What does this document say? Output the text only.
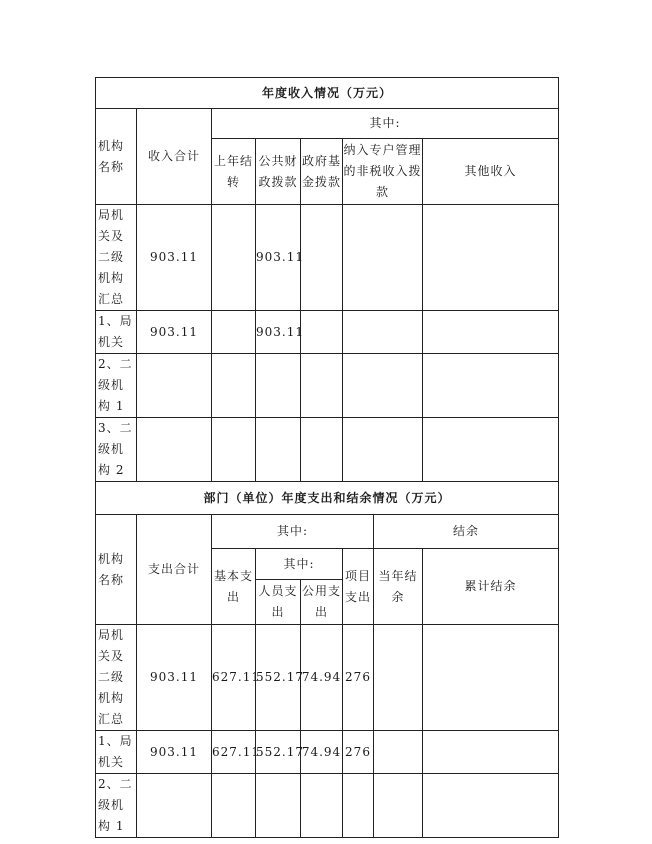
年度收入情况（万元）							
机构名称	收入合计	其中:					
		上年结转	公共财政拨款	政府基金拨款	纳入专户管理的非税收入拨款		其他收入
局机关及二级机构汇总	903.11		903.11				
1、局机关	903.11		903.11				
2、二级机构 1							
3、二级机构 2							
部门（单位）年度支出和结余情况（万元）							
机构名称	支出合计	其中:				结余	
		基本支出	其中:		项目支出	当年结余	累计结余
			人员支出	公用支出			
局机关及二级机构汇总	903.11	627.11	552.17	74.94	276		
1、局机关	903.11	627.11	552.17	74.94	276		
2、二级机构 1							
